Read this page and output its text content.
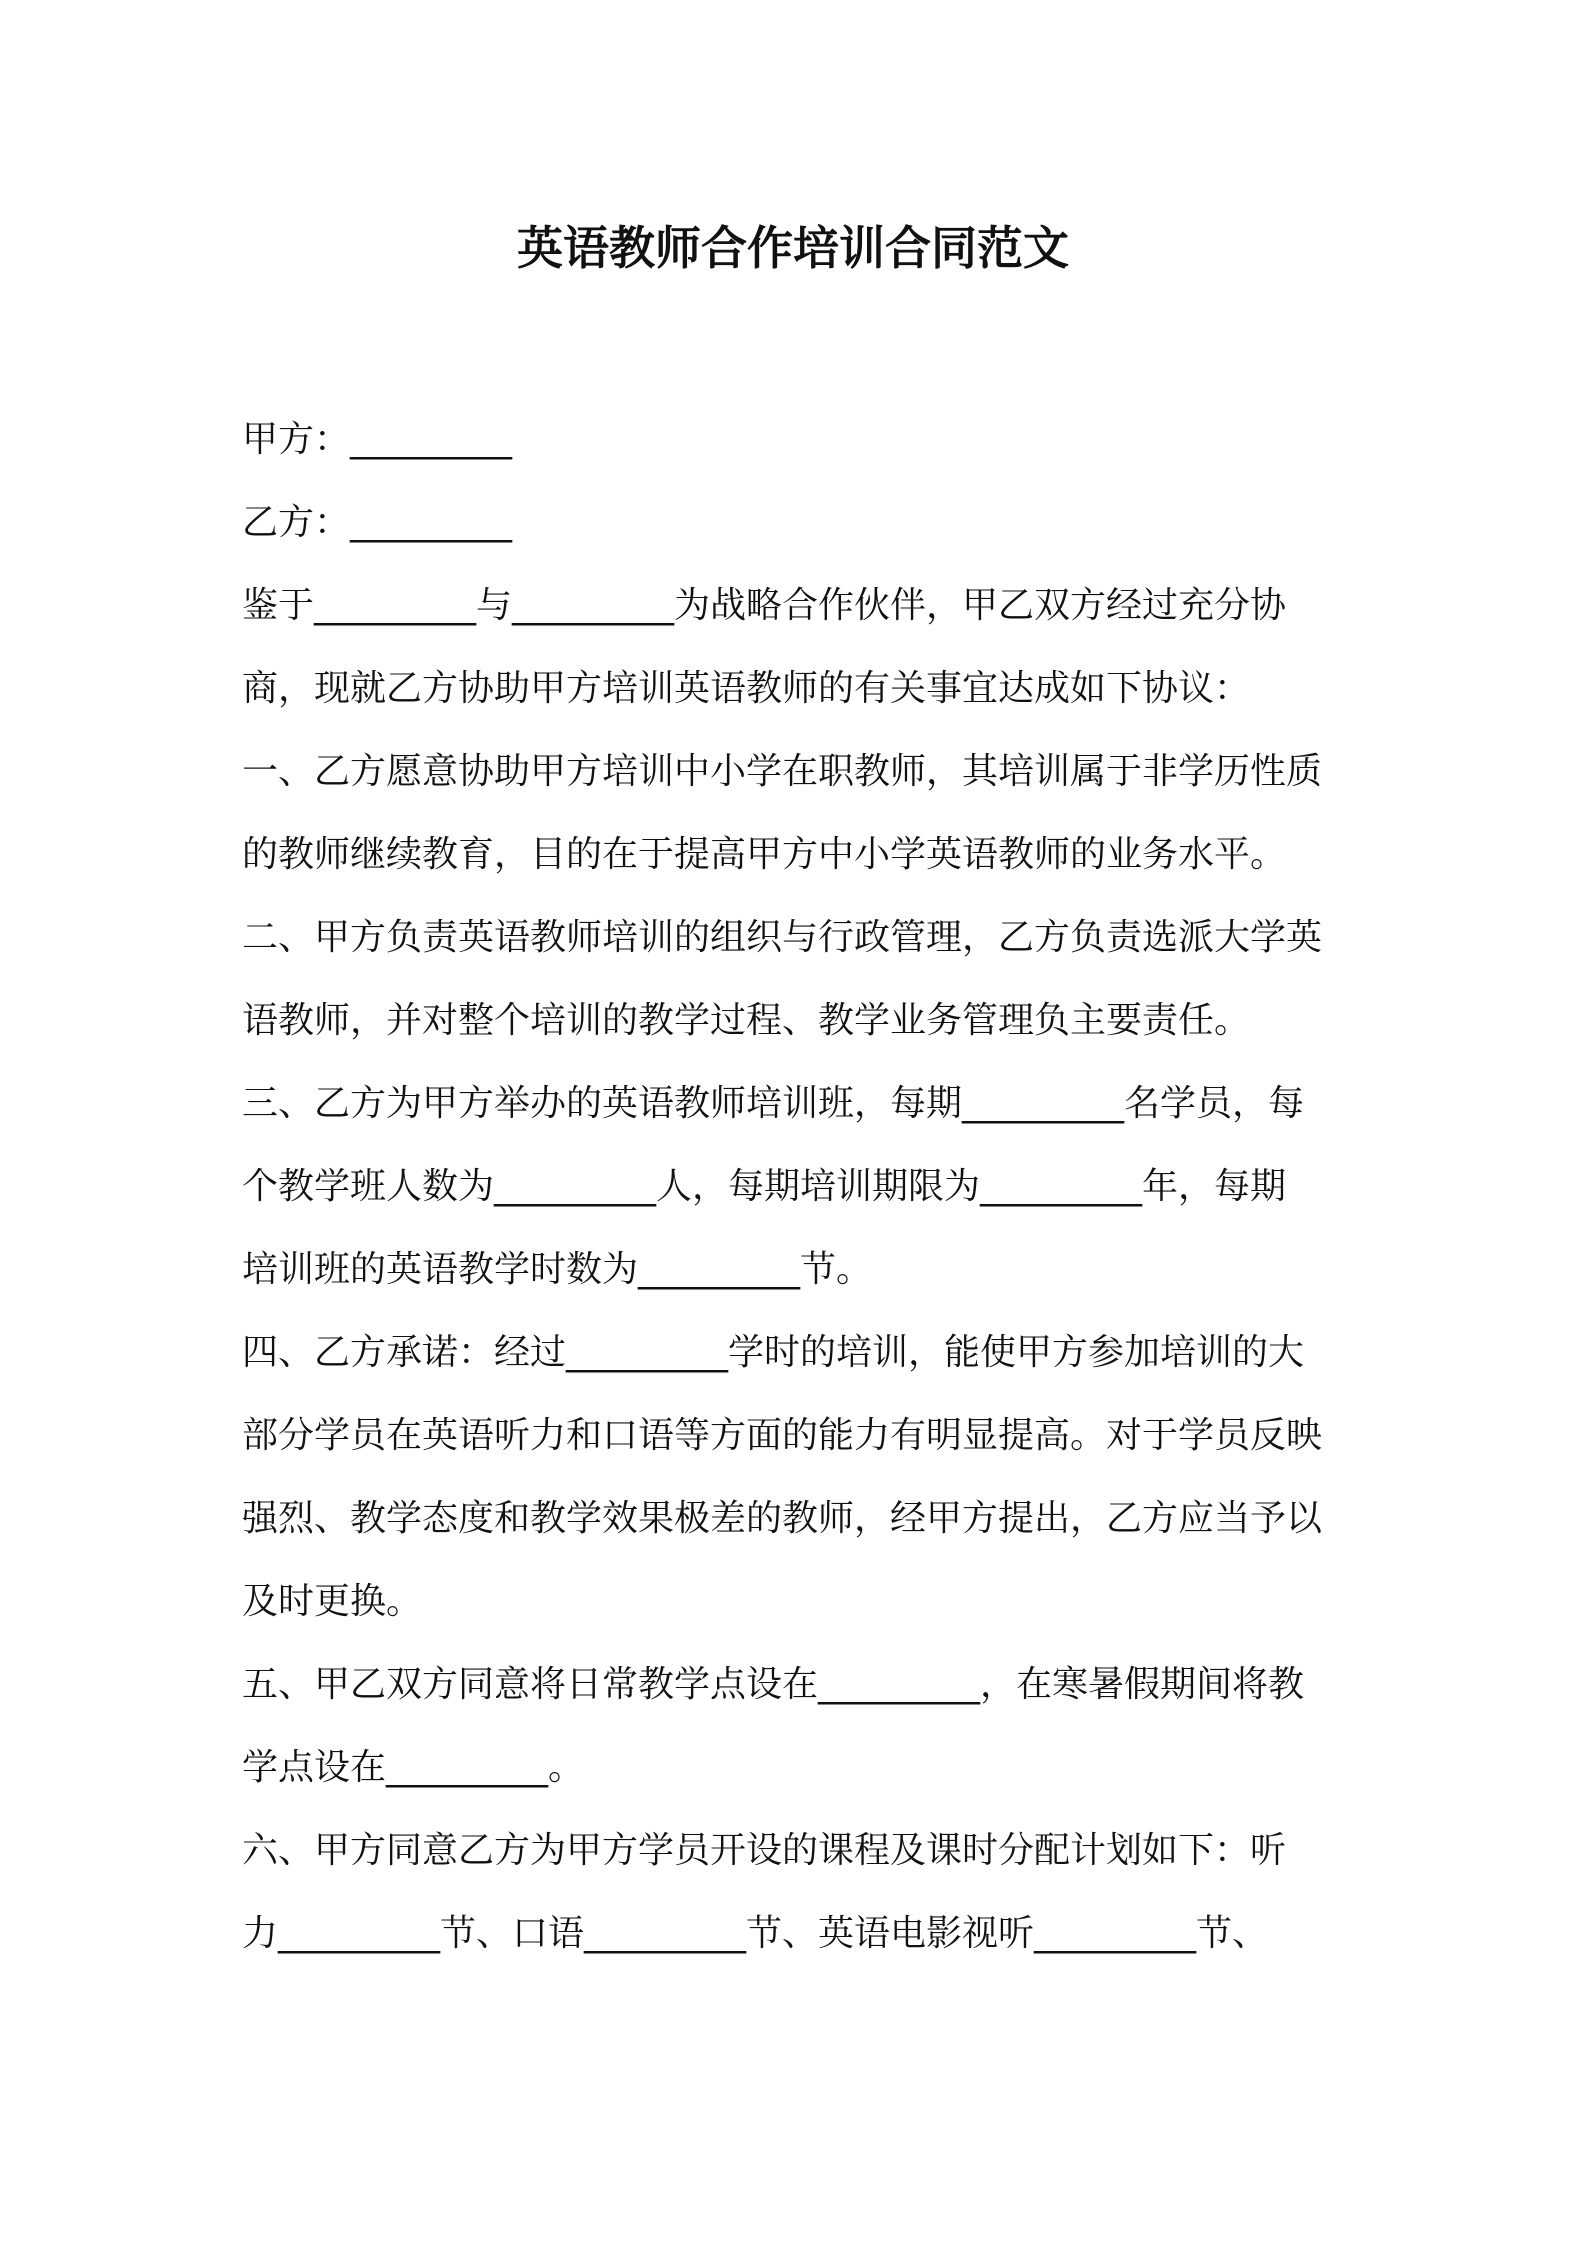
英语教师合作培训合同范文
甲方：_________
乙方：_________
鉴于_________与_________为战略合作伙伴，甲乙双方经过充分协
商，现就乙方协助甲方培训英语教师的有关事宜达成如下协议：
一、乙方愿意协助甲方培训中小学在职教师，其培训属于非学历性质
的教师继续教育，目的在于提高甲方中小学英语教师的业务水平。
二、甲方负责英语教师培训的组织与行政管理，乙方负责选派大学英
语教师，并对整个培训的教学过程、教学业务管理负主要责任。
三、乙方为甲方举办的英语教师培训班，每期_________名学员，每
个教学班人数为_________人，每期培训期限为_________年，每期
培训班的英语教学时数为_________节。
四、乙方承诺：经过_________学时的培训，能使甲方参加培训的大
部分学员在英语听力和口语等方面的能力有明显提高。对于学员反映
强烈、教学态度和教学效果极差的教师，经甲方提出，乙方应当予以
及时更换。
五、甲乙双方同意将日常教学点设在_________，在寒暑假期间将教
学点设在_________。
六、甲方同意乙方为甲方学员开设的课程及课时分配计划如下：听
力_________节、口语_________节、英语电影视听_________节、
